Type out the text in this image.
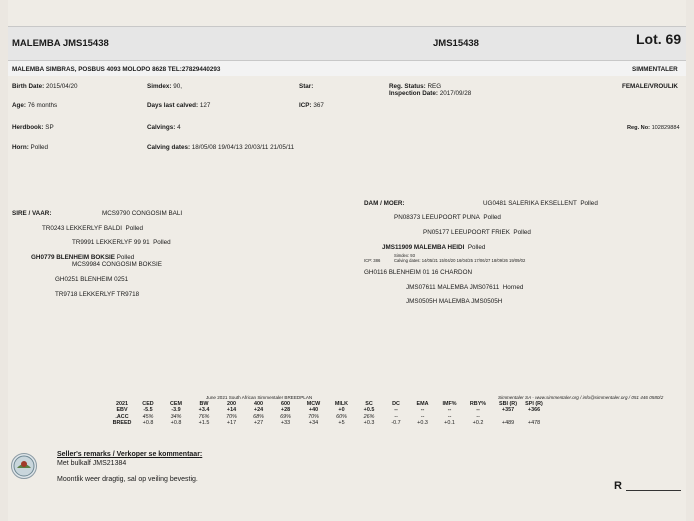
MALEMBA JMS15438	JMS15438	Lot. 69
MALEMBA SIMBRAS, POSBUS 4093 MOLOPO 8628 TEL:27829440293	SIMMENTALER
Birth Date: 2015/04/20	Simdex: 90,	Star:	Reg. Status: REG
Inspection Date: 2017/09/28
FEMALE/VROULIK
Age: 76 months	Days last calved: 127	ICP: 367
Herdbook: SP	Calvings: 4	Reg. No: 102829884
Horn: Polled	Calving dates: 18/05/08 19/04/13 20/03/11 21/05/11
SIRE / VAAR:	MCS9790 CONGOSIM BALI
TR0243 LEKKERLYF BALDI Polled
TR9991 LEKKERLYF 99 91 Polled
GH0779 BLENHEIM BOKSIE Polled
MCS9984 CONGOSIM BOKSIE
GH0251 BLENHEIM 0251
TR9718 LEKKERLYF TR9718
DAM / MOER:	UG0481 SALERIKA EKSELLENT Polled
PN08373 LEEUPOORT PUNA Polled
PN05177 LEEUPOORT FRIEK Polled
JMS11909 MALEMBA HEIDI Polled
Simdex: 93
ICP: 386	Calving dates: 14/05/21 15/04/20 16/04/25 17/06/27 18/09/26 19/09/02
GH0116 BLENHEIM 01 16 CHARDON
JMS07611 MALEMBA JMS07611 Horned
JMS0505H MALEMBA JMS0505H
June 2021 South African Simmentaler BREEDPLAN	Simmentaler SA - www.simmentaler.org / info@simmentaler.org / 051 446 0580/2
2021	CED	CEM	BW	200	400	600	MCW	MILK	SC	DC	EMA	IMF%	RBY%	SBI (R)	SPI (R)
EBV	-5.5	-3.9	+3.4	+14	+24	+28	+40	+0	+0.5	--	--	--	--	+357	+366
.ACC	45%	34%	76%	70%	68%	69%	70%	60%	26%	--	--	--	--		
BREED	+0.8	+0.8	+1.5	+17	+27	+33	+34	+5	+0.3	-0.7	+0.3	+0.1	+0.2	+489	+478
Seller's remarks / Verkoper se kommentaar:
Met bulkalf JMS21384
Moontlik weer dragtig, sal op veiling bevestig.
R
